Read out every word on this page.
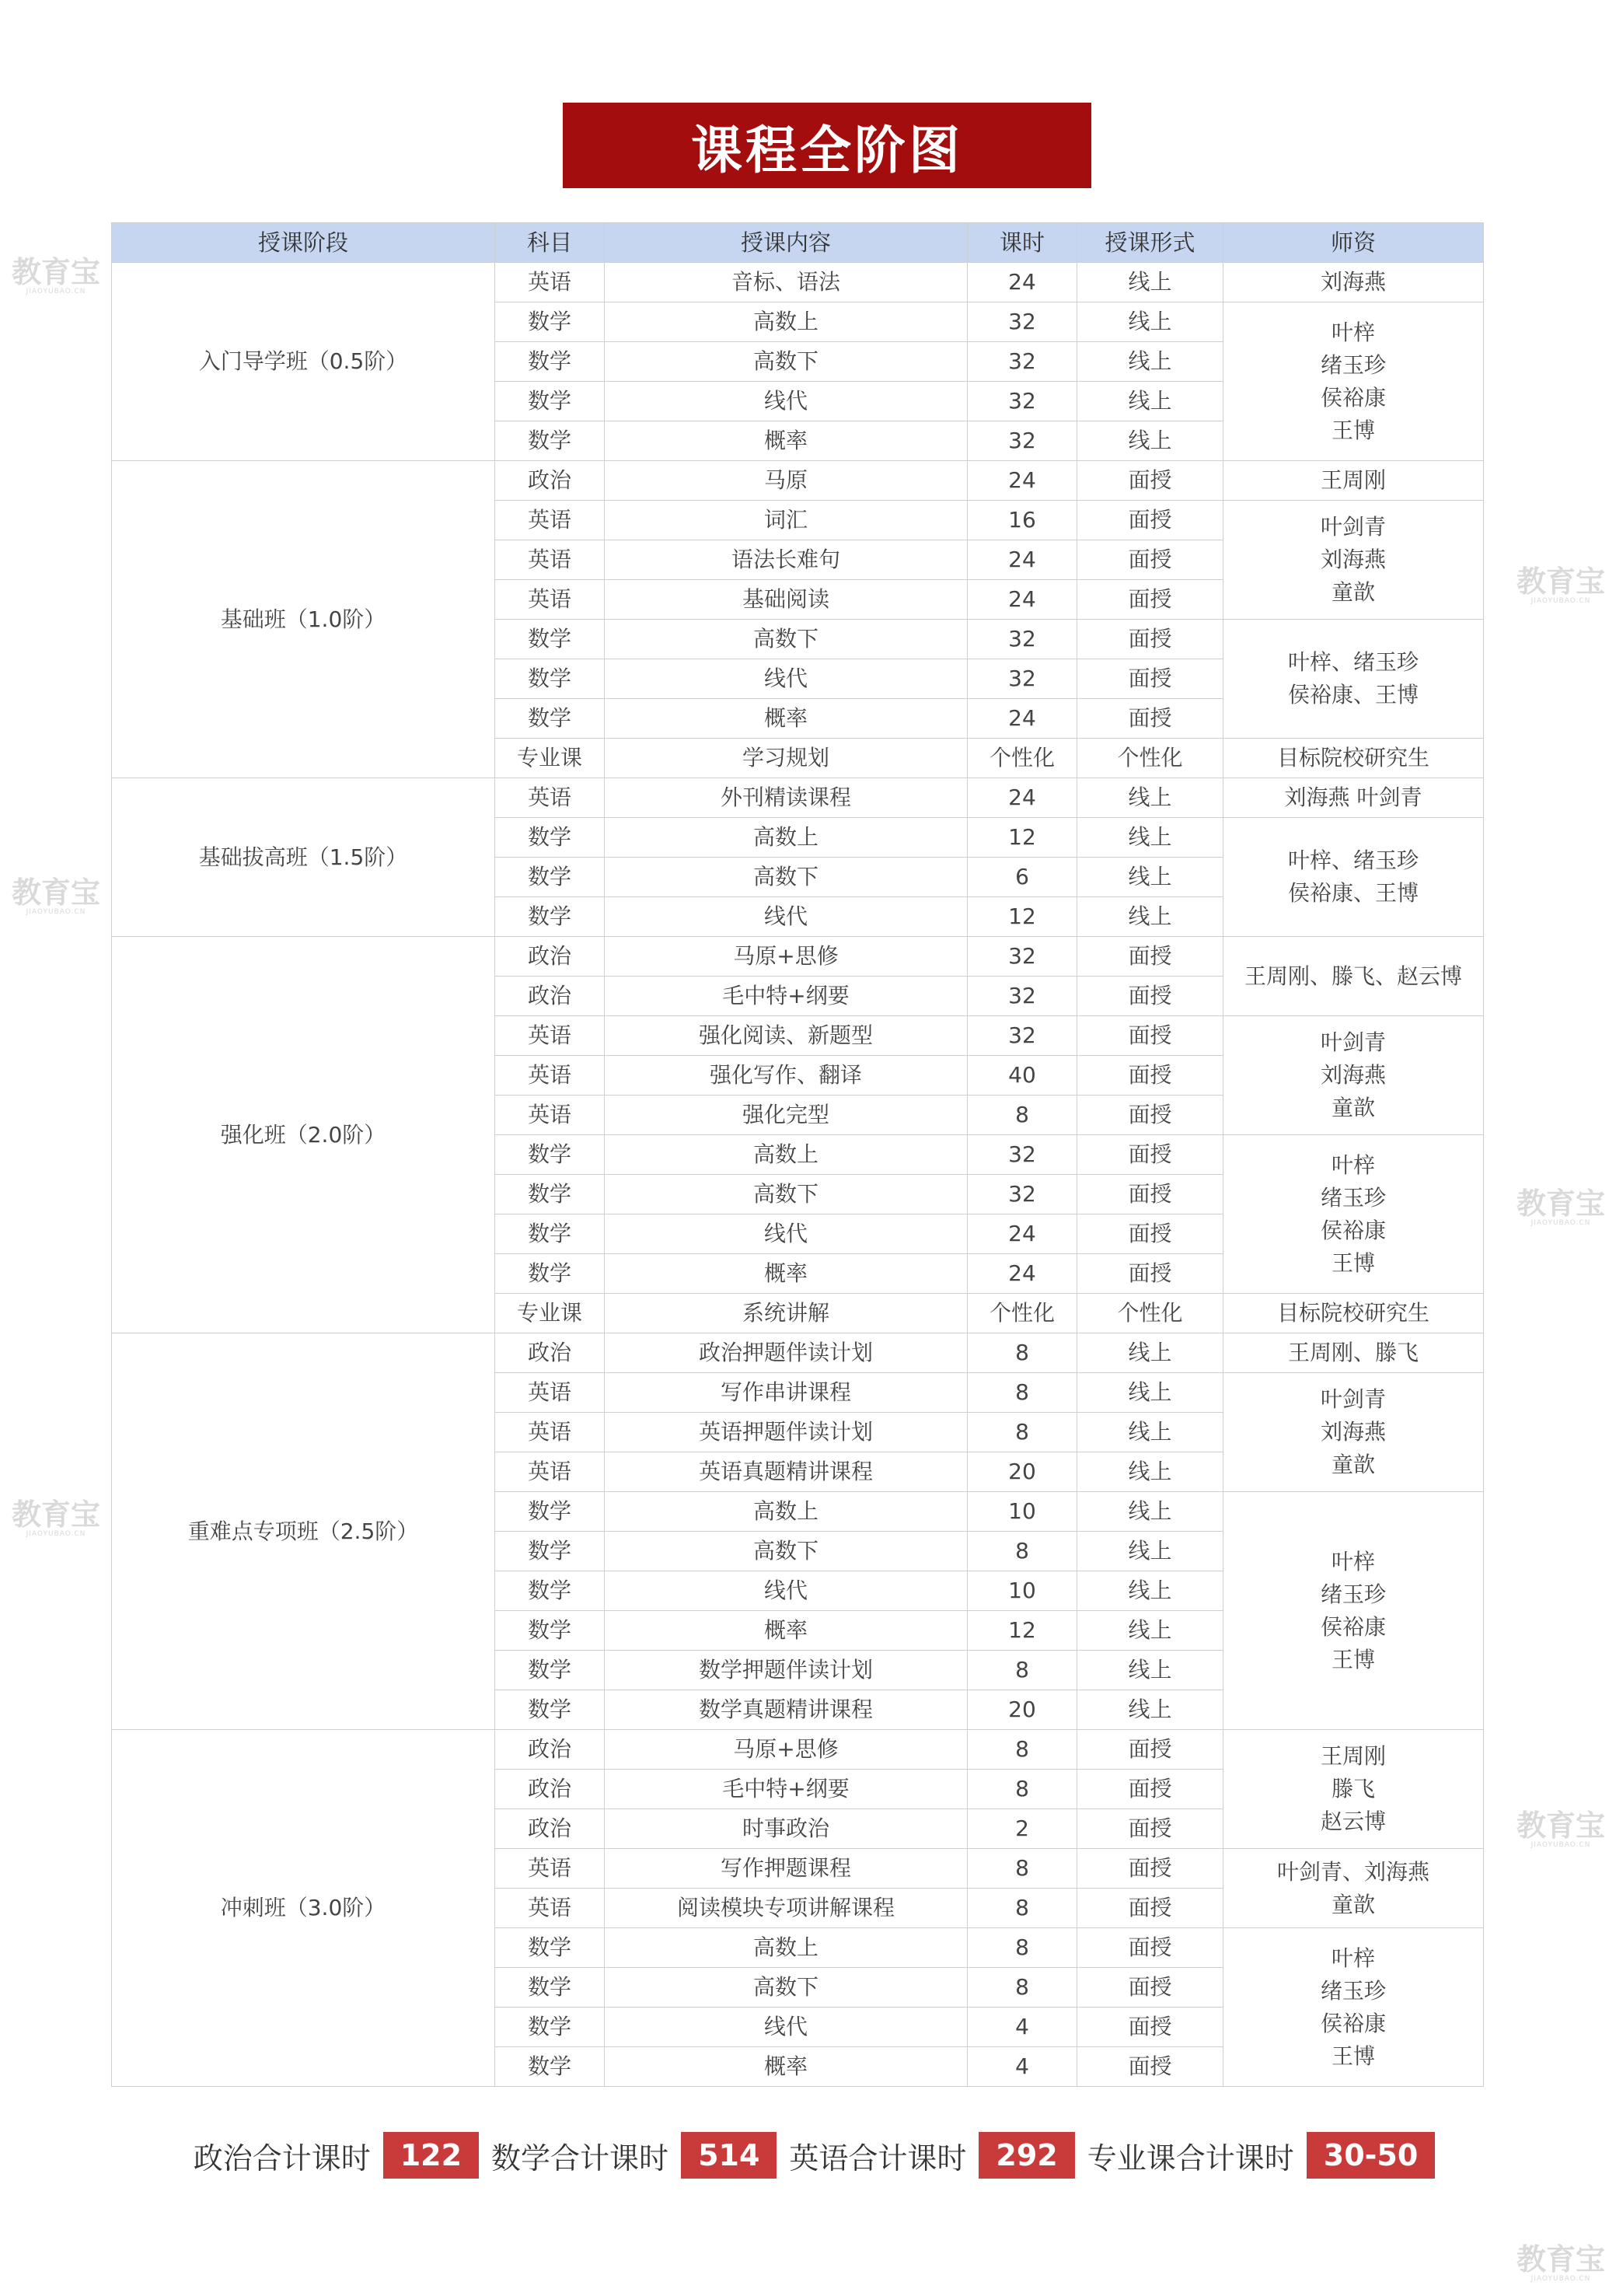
课程全阶图
教育宝
JIAOYUBAO.CN
教育宝
JIAOYUBAO.CN
教育宝
JIAOYUBAO.CN
教育宝
JIAOYUBAO.CN
教育宝
JIAOYUBAO.CN
教育宝
JIAOYUBAO.CN
教育宝
JIAOYUBAO.CN
授课阶段	科目	授课内容	课时	授课形式	师资
入门导学班（0.5阶）	英语	音标、语法	24	线上	刘海燕
	数学	高数上	32	线上	叶梓
绪玉珍
侯裕康
王博
	数学	高数下	32	线上	
	数学	线代	32	线上	
	数学	概率	32	线上	
基础班（1.0阶）	政治	马原	24	面授	王周刚
	英语	词汇	16	面授	叶剑青
刘海燕
童歆
	英语	语法长难句	24	面授	
	英语	基础阅读	24	面授	
	数学	高数下	32	面授	叶梓、绪玉珍
侯裕康、王博
	数学	线代	32	面授	
	数学	概率	24	面授	
	专业课	学习规划	个性化	个性化	目标院校研究生
基础拔高班（1.5阶）	英语	外刊精读课程	24	线上	刘海燕 叶剑青
	数学	高数上	12	线上	叶梓、绪玉珍
侯裕康、王博
	数学	高数下	6	线上	
	数学	线代	12	线上	
强化班（2.0阶）	政治	马原+思修	32	面授	王周刚、滕飞、赵云博
	政治	毛中特+纲要	32	面授	
	英语	强化阅读、新题型	32	面授	叶剑青
刘海燕
童歆
	英语	强化写作、翻译	40	面授	
	英语	强化完型	8	面授	
	数学	高数上	32	面授	叶梓
绪玉珍
侯裕康
王博
	数学	高数下	32	面授	
	数学	线代	24	面授	
	数学	概率	24	面授	
	专业课	系统讲解	个性化	个性化	目标院校研究生
重难点专项班（2.5阶）	政治	政治押题伴读计划	8	线上	王周刚、滕飞
	英语	写作串讲课程	8	线上	叶剑青
刘海燕
童歆
	英语	英语押题伴读计划	8	线上	
	英语	英语真题精讲课程	20	线上	
	数学	高数上	10	线上	叶梓
绪玉珍
侯裕康
王博
	数学	高数下	8	线上	
	数学	线代	10	线上	
	数学	概率	12	线上	
	数学	数学押题伴读计划	8	线上	
	数学	数学真题精讲课程	20	线上	
冲刺班（3.0阶）	政治	马原+思修	8	面授	王周刚
滕飞
赵云博
	政治	毛中特+纲要	8	面授	
	政治	时事政治	2	面授	
	英语	写作押题课程	8	面授	叶剑青、刘海燕
童歆
	英语	阅读模块专项讲解课程	8	面授	
	数学	高数上	8	面授	叶梓
绪玉珍
侯裕康
王博
	数学	高数下	8	面授	
	数学	线代	4	面授	
	数学	概率	4	面授	
政治合计课时	122	数学合计课时	514	英语合计课时	292	专业课合计课时	30-50
